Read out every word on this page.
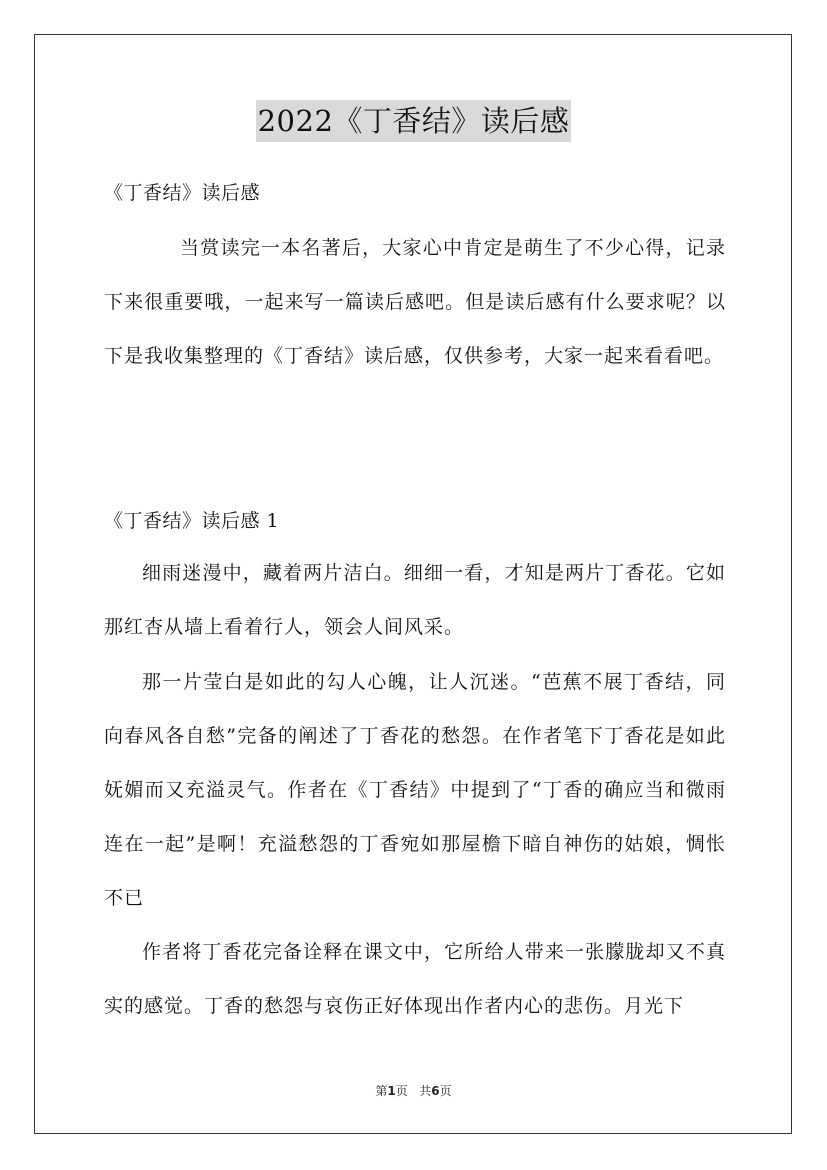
2022《丁香结》读后感
《丁香结》读后感
当赏读完一本名著后，大家心中肯定是萌生了不少心得，记录下来很重要哦，一起来写一篇读后感吧。但是读后感有什么要求呢？以下是我收集整理的《丁香结》读后感，仅供参考，大家一起来看看吧。
《丁香结》读后感 1
细雨迷漫中，藏着两片洁白。细细一看，才知是两片丁香花。它如那红杏从墙上看着行人，领会人间风采。
那一片莹白是如此的勾人心魄，让人沉迷。“芭蕉不展丁香结，同向春风各自愁”完备的阐述了丁香花的愁怨。在作者笔下丁香花是如此妩媚而又充溢灵气。作者在《丁香结》中提到了“丁香的确应当和微雨连在一起”是啊！充溢愁怨的丁香宛如那屋檐下暗自神伤的姑娘，惆怅不已
作者将丁香花完备诠释在课文中，它所给人带来一张朦胧却又不真实的感觉。丁香的愁怨与哀伤正好体现出作者内心的悲伤。月光下
第1页 共6页
